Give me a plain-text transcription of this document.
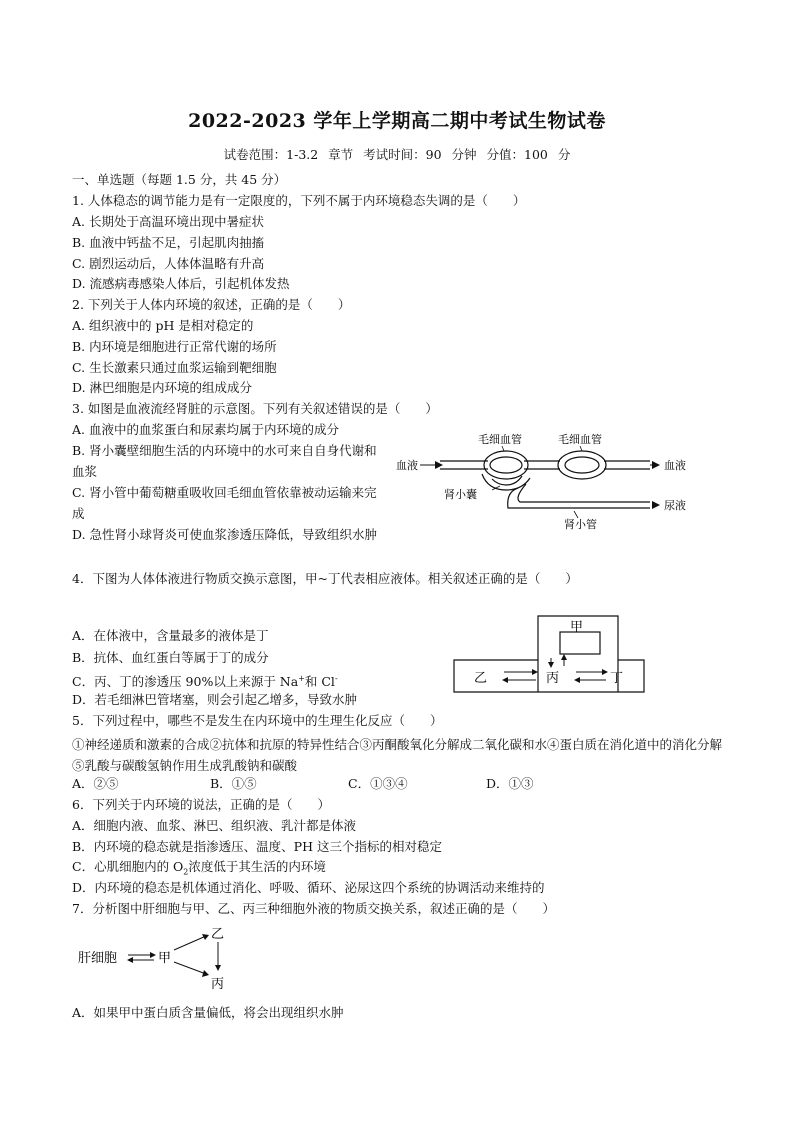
2022-2023 学年上学期高二期中考试生物试卷
试卷范围：1-3.2 章节 考试时间：90 分钟 分值：100 分
一、单选题（每题 1.5 分，共 45 分）
1. 人体稳态的调节能力是有一定限度的，下列不属于内环境稳态失调的是（　　）
A. 长期处于高温环境出现中暑症状
B. 血液中钙盐不足，引起肌肉抽搐
C. 剧烈运动后，人体体温略有升高
D. 流感病毒感染人体后，引起机体发热
2. 下列关于人体内环境的叙述，正确的是（　　）
A. 组织液中的 pH 是相对稳定的
B. 内环境是细胞进行正常代谢的场所
C. 生长激素只通过血浆运输到靶细胞
D. 淋巴细胞是内环境的组成成分
3. 如图是血液流经肾脏的示意图。下列有关叙述错误的是（　　）
A. 血液中的血浆蛋白和尿素均属于内环境的成分
B. 肾小囊壁细胞生活的内环境中的水可来自自身代谢和血浆
C. 肾小管中葡萄糖重吸收回毛细血管依靠被动运输来完成
D. 急性肾小球肾炎可使血浆渗透压降低，导致组织水肿
毛细血管	毛细血管
血液	血液
肾小囊
尿液
肾小管
4．下图为人体体液进行物质交换示意图，甲~丁代表相应液体。相关叙述正确的是（　　）
A．在体液中，含量最多的液体是丁
B．抗体、血红蛋白等属于丁的成分
C．丙、丁的渗透压 90%以上来源于 Na+和 Cl-
D．若毛细淋巴管堵塞，则会引起乙增多，导致水肿
甲
乙	丙	丁
5．下列过程中，哪些不是发生在内环境中的生理生化反应（　　）
①神经递质和激素的合成②抗体和抗原的特异性结合③丙酮酸氧化分解成二氧化碳和水④蛋白质在消化道中的消化分解⑤乳酸与碳酸氢钠作用生成乳酸钠和碳酸
A．②⑤	B．①⑤	C．①③④	D．①③
6．下列关于内环境的说法，正确的是（　　）
A．细胞内液、血浆、淋巴、组织液、乳汁都是体液
B．内环境的稳态就是指渗透压、温度、PH 这三个指标的相对稳定
C．心肌细胞内的 $O_2$浓度低于其生活的内环境
D．内环境的稳态是机体通过消化、呼吸、循环、泌尿这四个系统的协调活动来维持的
7．分析图中肝细胞与甲、乙、丙三种细胞外液的物质交换关系，叙述正确的是（　　）
肝细胞	甲
乙
丙
A．如果甲中蛋白质含量偏低，将会出现组织水肿
